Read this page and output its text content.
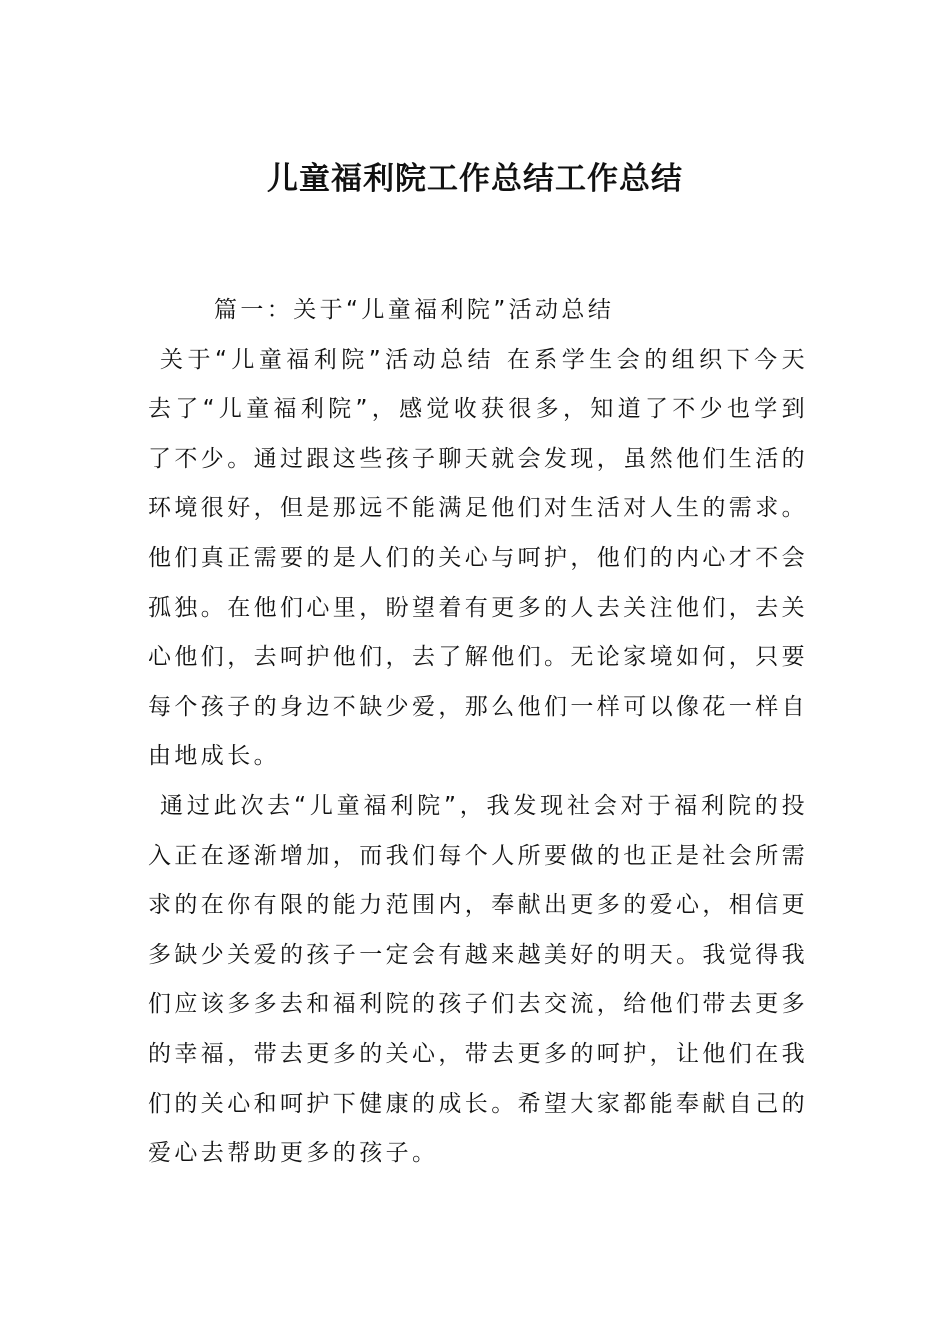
儿童福利院工作总结工作总结

篇一：关于“儿童福利院”活动总结

关于“儿童福利院”活动总结 在系学生会的组织下今天去了“儿童福利院”，感觉收获很多，知道了不少也学到了不少。通过跟这些孩子聊天就会发现，虽然他们生活的环境很好，但是那远不能满足他们对生活对人生的需求。他们真正需要的是人们的关心与呵护，他们的内心才不会孤独。在他们心里，盼望着有更多的人去关注他们，去关心他们，去呵护他们，去了解他们。无论家境如何，只要每个孩子的身边不缺少爱，那么他们一样可以像花一样自由地成长。

通过此次去“儿童福利院”，我发现社会对于福利院的投入正在逐渐增加，而我们每个人所要做的也正是社会所需求的在你有限的能力范围内，奉献出更多的爱心，相信更多缺少关爱的孩子一定会有越来越美好的明天。我觉得我们应该多多去和福利院的孩子们去交流，给他们带去更多的幸福，带去更多的关心，带去更多的呵护，让他们在我们的关心和呵护下健康的成长。希望大家都能奉献自己的爱心去帮助更多的孩子。
